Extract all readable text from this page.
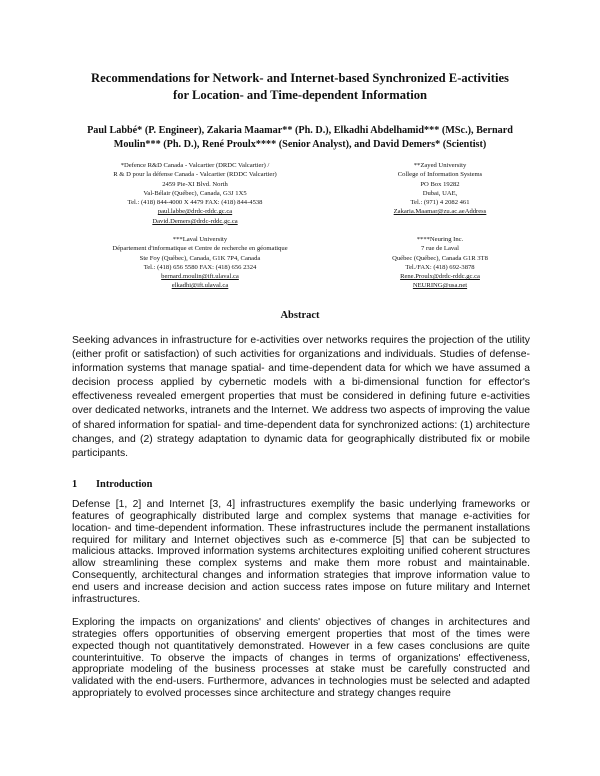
Recommendations for Network- and Internet-based Synchronized E-activities
for Location- and Time-dependent Information
Paul Labbé* (P. Engineer), Zakaria Maamar** (Ph. D.), Elkadhi Abdelhamid*** (MSc.), Bernard
Moulin*** (Ph. D.), René Proulx**** (Senior Analyst), and David Demers* (Scientist)
*Defence R&D Canada - Valcartier (DRDC Valcartier) /
R & D pour la défense Canada - Valcartier (RDDC Valcartier)
2459 Pie-XI Blvd. North
Val-Bélair (Québec), Canada, G3J 1X5
Tel.: (418) 844-4000 X 4479 FAX: (418) 844-4538
paul.labbe@drdc-rddc.gc.ca
David.Demers@drdc-rddc.gc.ca
**Zayed University
College of Information Systems
PO Box 19282
Dubai, UAE,
Tel.: (971) 4 2082 461
Zakaria.Maamar@zu.ac.aeAddress
***Laval University
Département d'informatique et Centre de recherche en géomatique
Ste Foy (Québec), Canada, G1K 7P4, Canada
Tel.: (418) 656 5580 FAX: (418) 656 2324
bernard.moulin@ift.ulaval.ca
elkadhi@ift.ulaval.ca
****Neuring Inc.
7 rue de Laval
Québec (Québec), Canada G1R 3T8
Tel./FAX: (418) 692-3878
Rene.Proulx@drdc-rddc.gc.ca
NEURING@usa.net
Abstract
Seeking advances in infrastructure for e-activities over networks requires the projection of the utility (either profit or satisfaction) of such activities for organizations and individuals. Studies of defense-information systems that manage spatial- and time-dependent data for which we have assumed a decision process applied by cybernetic models with a bi-dimensional function for effector's effectiveness revealed emergent properties that must be considered in defining future e-activities over dedicated networks, intranets and the Internet. We address two aspects of improving the value of shared information for spatial- and time-dependent data for synchronized actions: (1) architecture changes, and (2) strategy adaptation to dynamic data for geographically distributed fix or mobile participants.
1 Introduction
Defense [1, 2] and Internet [3, 4] infrastructures exemplify the basic underlying frameworks or features of geographically distributed large and complex systems that manage e-activities for location- and time-dependent information. These infrastructures include the permanent installations required for military and Internet objectives such as e-commerce [5] that can be subjected to malicious attacks. Improved information systems architectures exploiting unified coherent structures allow streamlining these complex systems and make them more robust and maintainable. Consequently, architectural changes and information strategies that improve information value to end users and increase decision and action success rates impose on future military and Internet infrastructures.
Exploring the impacts on organizations' and clients' objectives of changes in architectures and strategies offers opportunities of observing emergent properties that most of the times were expected though not quantitatively demonstrated. However in a few cases conclusions are quite counterintuitive. To observe the impacts of changes in terms of organizations' effectiveness, appropriate modeling of the business processes at stake must be carefully constructed and validated with the end-users. Furthermore, advances in technologies must be selected and adapted appropriately to evolved processes since architecture and strategy changes require
